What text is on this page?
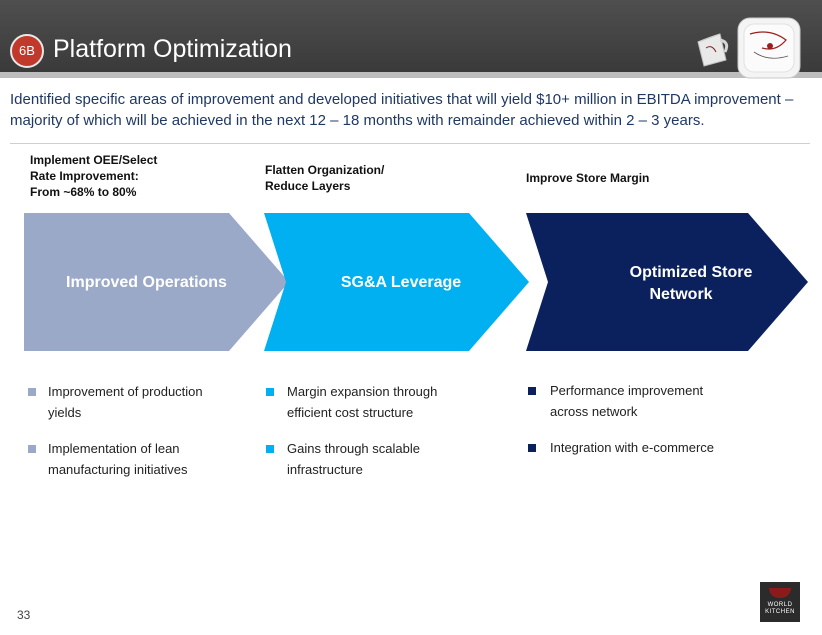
6B Platform Optimization
Identified specific areas of improvement and developed initiatives that will yield $10+ million in EBITDA improvement – majority of which will be achieved in the next 12 – 18 months with remainder achieved within 2 – 3 years.
Implement OEE/Select
Rate Improvement:
From ~68% to 80%
Improved Operations
Flatten Organization/
Reduce Layers
SG&A Leverage
Improve Store Margin
Optimized Store
Network
Improvement of production
yields
Implementation of lean
manufacturing initiatives
Margin expansion through
efficient cost structure
Gains through scalable
infrastructure
Performance improvement
across network
Integration with e-commerce
33
WORLD
KITCHEN
